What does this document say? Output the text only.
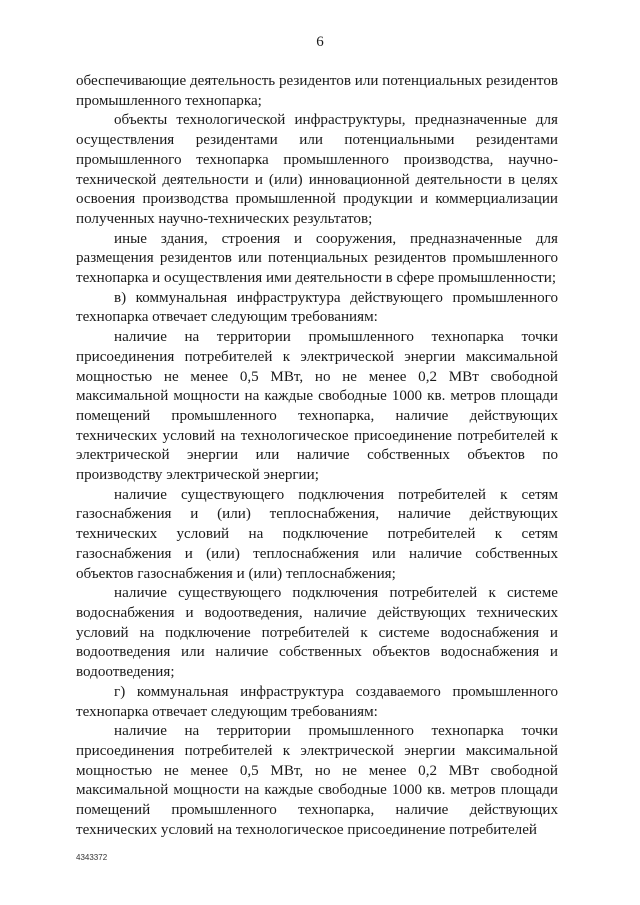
6

обеспечивающие деятельность резидентов или потенциальных резидентов промышленного технопарка;

объекты технологической инфраструктуры, предназначенные для осуществления резидентами или потенциальными резидентами промышленного технопарка промышленного производства, научно-технической деятельности и (или) инновационной деятельности в целях освоения производства промышленной продукции и коммерциализации полученных научно-технических результатов;

иные здания, строения и сооружения, предназначенные для размещения резидентов или потенциальных резидентов промышленного технопарка и осуществления ими деятельности в сфере промышленности;

в) коммунальная инфраструктура действующего промышленного технопарка отвечает следующим требованиям:

наличие на территории промышленного технопарка точки присоединения потребителей к электрической энергии максимальной мощностью не менее 0,5 МВт, но не менее 0,2 МВт свободной максимальной мощности на каждые свободные 1000 кв. метров площади помещений промышленного технопарка, наличие действующих технических условий на технологическое присоединение потребителей к электрической энергии или наличие собственных объектов по производству электрической энергии;

наличие существующего подключения потребителей к сетям газоснабжения и (или) теплоснабжения, наличие действующих технических условий на подключение потребителей к сетям газоснабжения и (или) теплоснабжения или наличие собственных объектов газоснабжения и (или) теплоснабжения;

наличие существующего подключения потребителей к системе водоснабжения и водоотведения, наличие действующих технических условий на подключение потребителей к системе водоснабжения и водоотведения или наличие собственных объектов водоснабжения и водоотведения;

г) коммунальная инфраструктура создаваемого промышленного технопарка отвечает следующим требованиям:

наличие на территории промышленного технопарка точки присоединения потребителей к электрической энергии максимальной мощностью не менее 0,5 МВт, но не менее 0,2 МВт свободной максимальной мощности на каждые свободные 1000 кв. метров площади помещений промышленного технопарка, наличие действующих технических условий на технологическое присоединение потребителей

4343372
